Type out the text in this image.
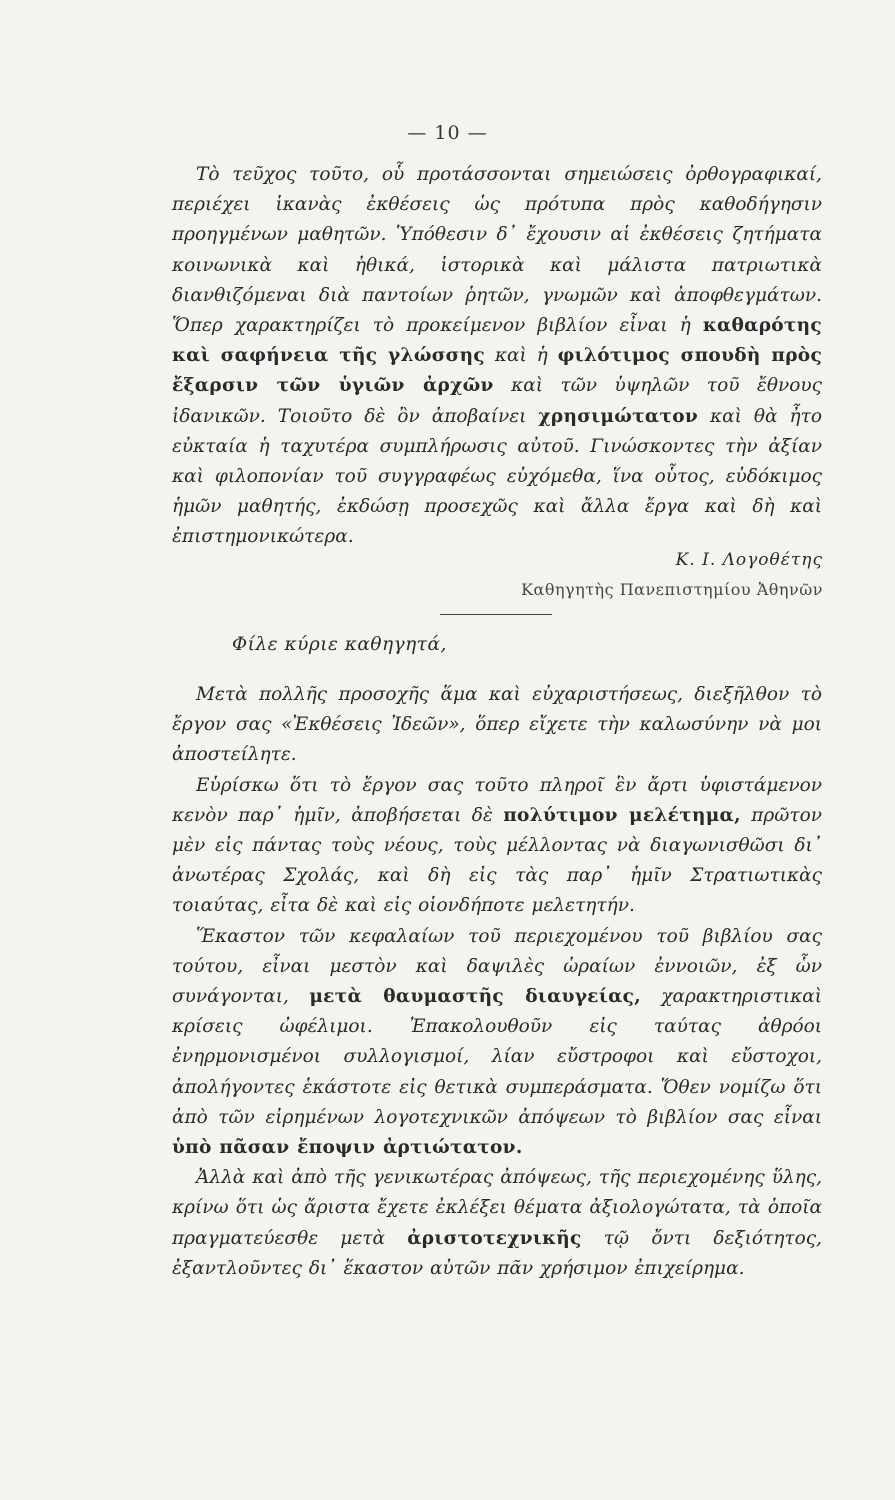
— 10 —

Τὸ τεῦχος τοῦτο, οὗ προτάσσονται σημειώσεις ὀρθογραφικαί, περιέχει ἱκανὰς ἐκθέσεις ὡς πρότυπα πρὸς καθοδήγησιν προηγμένων μαθητῶν. Ὑπόθεσιν δ᾿ ἔχουσιν αἱ ἐκθέσεις ζητήματα κοινωνικὰ καὶ ἠθικά, ἱστορικὰ καὶ μάλιστα πατριωτικὰ διανθιζόμεναι διὰ παντοίων ῥητῶν, γνωμῶν καὶ ἀποφθεγμάτων. Ὅπερ χαρακτηρίζει τὸ προκείμενον βιβλίον εἶναι ἡ καθαρότης καὶ σαφήνεια τῆς γλώσσης καὶ ἡ φιλότιμος σπουδὴ πρὸς ἔξαρσιν τῶν ὑγιῶν ἀρχῶν καὶ τῶν ὑψηλῶν τοῦ ἔθνους ἰδανικῶν. Τοιοῦτο δὲ ὂν ἀποβαίνει χρησιμώτατον καὶ θὰ ἦτο εὐκταία ἡ ταχυτέρα συμπλήρωσις αὐτοῦ. Γινώσκοντες τὴν ἀξίαν καὶ φιλοπονίαν τοῦ συγγραφέως εὐχόμεθα, ἵνα οὗτος, εὐδόκιμος ἡμῶν μαθητής, ἐκδώσῃ προσεχῶς καὶ ἄλλα ἔργα καὶ δὴ καὶ ἐπιστημονικώτερα.

Κ. Ι. Λογοθέτης
Καθηγητὴς Πανεπιστημίου Ἀθηνῶν
Φίλε κύριε καθηγητά,

Μετὰ πολλῆς προσοχῆς ἅμα καὶ εὐχαριστήσεως, διεξῆλθον τὸ ἔργον σας «Ἐκθέσεις Ἰδεῶν», ὅπερ εἴχετε τὴν καλωσύνην νὰ μοι ἀποστείλητε.

Εὑρίσκω ὅτι τὸ ἔργον σας τοῦτο πληροῖ ἓν ἄρτι ὑφιστάμενον κενὸν παρ᾿ ἡμῖν, ἀποβήσεται δὲ πολύτιμον μελέτημα, πρῶτον μὲν εἰς πάντας τοὺς νέους, τοὺς μέλλοντας νὰ διαγωνισθῶσι δι᾿ ἀνωτέρας Σχολάς, καὶ δὴ εἰς τὰς παρ᾿ ἡμῖν Στρατιωτικὰς τοιαύτας, εἶτα δὲ καὶ εἰς οἱονδήποτε μελετητήν.

Ἕκαστον τῶν κεφαλαίων τοῦ περιεχομένου τοῦ βιβλίου σας τούτου, εἶναι μεστὸν καὶ δαψιλὲς ὡραίων ἐννοιῶν, ἐξ ὧν συνάγονται, μετὰ θαυμαστῆς διαυγείας, χαρακτηριστικαὶ κρίσεις ὠφέλιμοι. Ἐπακολουθοῦν εἰς ταύτας ἀθρόοι ἐνηρμονισμένοι συλλογισμοί, λίαν εὔστροφοι καὶ εὔστοχοι, ἀπολήγοντες ἑκάστοτε εἰς θετικὰ συμπεράσματα. Ὅθεν νομίζω ὅτι ἀπὸ τῶν εἰρημένων λογοτεχνικῶν ἀπόψεων τὸ βιβλίον σας εἶναι ὑπὸ πᾶσαν ἔποψιν ἀρτιώτατον.

Ἀλλὰ καὶ ἀπὸ τῆς γενικωτέρας ἀπόψεως, τῆς περιεχομένης ὕλης, κρίνω ὅτι ὡς ἄριστα ἔχετε ἐκλέξει θέματα ἀξιολογώτατα, τὰ ὁποῖα πραγματεύεσθε μετὰ ἀριστοτεχνικῆς τῷ ὄντι δεξιότητος, ἐξαντλοῦντες δι᾿ ἕκαστον αὐτῶν πᾶν χρήσιμον ἐπιχείρημα.
